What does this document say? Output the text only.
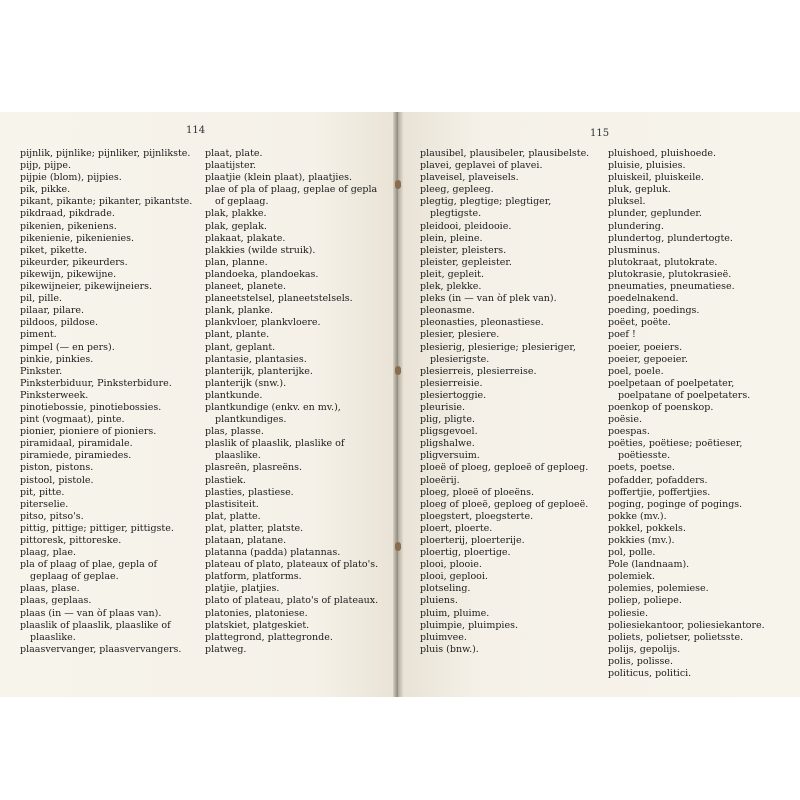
114
pijnlik, pijnlike; pijnliker, pijnlikste.
pijp, pijpe.
pijpie (blom), pijpies.
pik, pikke.
pikant, pikante; pikanter, pikantste.
pikdraad, pikdrade.
pikenien, pikeniens.
pikenienie, pikenienies.
piket, pikette.
pikeurder, pikeurders.
pikewijn, pikewijne.
pikewijneier, pikewijneiers.
pil, pille.
pilaar, pilare.
pildoos, pildose.
piment.
pimpel (— en pers).
pinkie, pinkies.
Pinkster.
Pinksterbiduur, Pinksterbidure.
Pinksterweek.
pinotiebossie, pinotiebossies.
pint (vogmaat), pinte.
pionier, pioniere of pioniers.
piramidaal, piramidale.
piramiede, piramiedes.
piston, pistons.
pistool, pistole.
pit, pitte.
piterselie.
pitso, pitso's.
pittig, pittige; pittiger, pittigste.
pittoresk, pittoreske.
plaag, plae.
pla of plaag of plae, gepla of geplaag of geplae.
plaas, plase.
plaas, geplaas.
plaas (in — van òf plaas van).
plaaslik of plaaslik, plaaslike of plaaslike.
plaasvervanger, plaasvervangers.
plaat, plate.
plaatijster.
plaatjie (klein plaat), plaatjies.
plae of pla of plaag, geplae of gepla of geplaag.
plak, plakke.
plak, geplak.
plakaat, plakate.
plakkies (wilde struik).
plan, planne.
plandoeka, plandoekas.
planeet, planete.
planeetstelsel, planeetstelsels.
plank, planke.
plankvloer, plankvloere.
plant, plante.
plant, geplant.
plantasie, plantasies.
planterijk, planterijke.
planterijk (snw.).
plantkunde.
plantkundige (enkv. en mv.), plantkundiges.
plas, plasse.
plaslik of plaaslik, plaslike of plaaslike.
plasreën, plasreëns.
plastiek.
plasties, plastiese.
plastisiteit.
plat, platte.
plat, platter, platste.
plataan, platane.
platanna (padda) platannas.
plateau of plato, plateaux of plato's.
platform, platforms.
platjie, platjies.
plato of plateau, plato's of plateaux.
platonies, platoniese.
platskiet, platgeskiet.
plattegrond, plattegronde.
platweg.
115
plausibel, plausibeler, plausibelste.
plavei, geplavei of plavei.
plaveisel, plaveisels.
pleeg, gepleeg.
plegtig, plegtige; plegtiger, plegtigste.
pleidooi, pleidooie.
plein, pleine.
pleister, pleisters.
pleister, gepleister.
pleit, gepleit.
plek, plekke.
pleks (in — van òf plek van).
pleonasme.
pleonasties, pleonastiese.
plesier, plesiere.
plesierig, plesierige; plesieriger, plesierigste.
plesierreis, plesierreise.
plesierreisie.
plesiertoggie.
pleurisie.
plig, pligte.
pligsgevoel.
pligshalwe.
pligversuim.
ploeë of ploeg, geploeë of geploeg.
ploeërij.
ploeg, ploeë of ploeëns.
ploeg of ploeë, geploeg of geploeë.
ploegstert, ploegsterte.
ploert, ploerte.
ploerterij, ploerterije.
ploertig, ploertige.
plooi, plooie.
plooi, geplooi.
plotseling.
pluiens.
pluim, pluime.
pluimpie, pluimpies.
pluimvee.
pluis (bnw.).
pluishoed, pluishoede.
pluisie, pluisies.
pluiskeil, pluiskeile.
pluk, gepluk.
pluksel.
plunder, geplunder.
plundering.
plundertog, plundertogte.
plusminus.
plutokraat, plutokrate.
plutokrasie, plutokrasieë.
pneumaties, pneumatiese.
poedelnakend.
poeding, poedings.
poëet, poëte.
poef !
poeier, poeiers.
poeier, gepoeier.
poel, poele.
poelpetaan of poelpetater, poelpatane of poelpetaters.
poenkop of poenskop.
poësie.
poespas.
poëties, poëtiese; poëtieser, poëtiesste.
poets, poetse.
pofadder, pofadders.
poffertjie, poffertjies.
poging, poginge of pogings.
pokke (mv.).
pokkel, pokkels.
pokkies (mv.).
pol, polle.
Pole (landnaam).
polemiek.
polemies, polemiese.
poliep, poliepe.
poliesie.
poliesiekantoor, poliesiekantore.
poliets, polietser, polietsste.
polijs, gepolijs.
polis, polisse.
politicus, politici.
